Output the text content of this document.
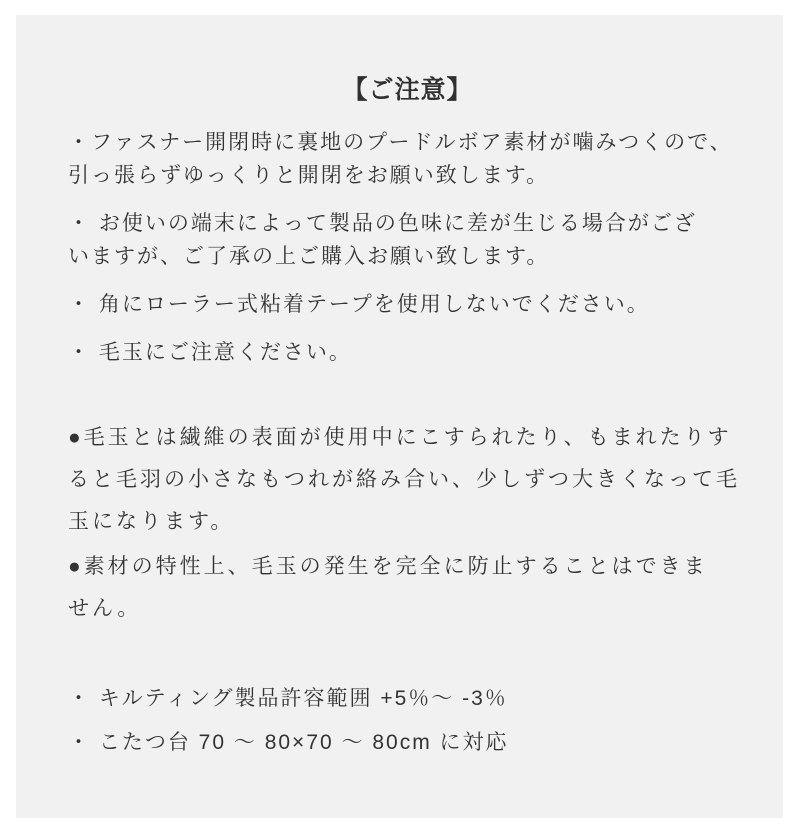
【ご注意】

・ファスナー開閉時に裏地のプードルボア素材が噛みつくので、
引っ張らずゆっくりと開閉をお願い致します。

・ お使いの端末によって製品の色味に差が生じる場合がござ
いますが、ご了承の上ご購入お願い致します。

・ 角にローラー式粘着テープを使用しないでください。

・ 毛玉にご注意ください。

●毛玉とは繊維の表面が使用中にこすられたり、もまれたりす
ると毛羽の小さなもつれが絡み合い、少しずつ大きくなって毛
玉になります。

●素材の特性上、毛玉の発生を完全に防止することはできま
せん。

・ キルティング製品許容範囲 +5％〜 -3％

・ こたつ台 70 〜 80×70 〜 80cm に対応
